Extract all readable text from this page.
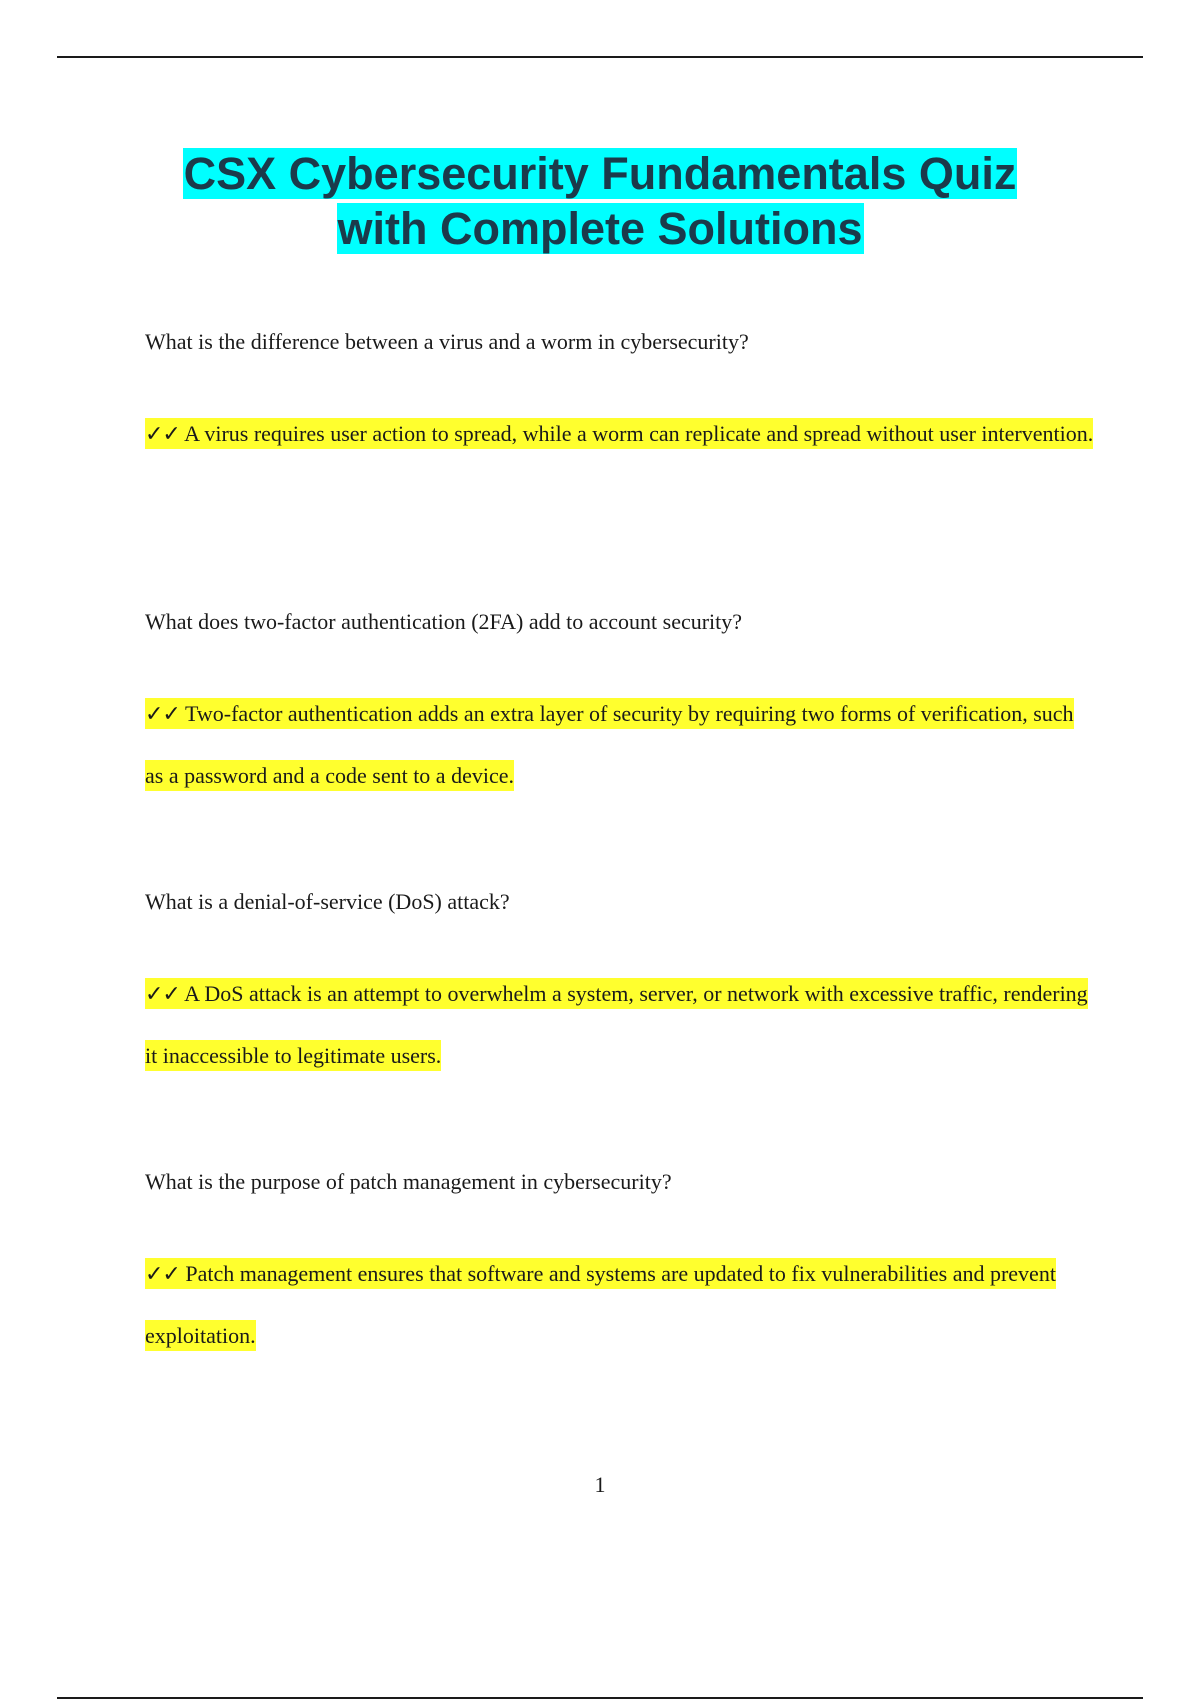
CSX Cybersecurity Fundamentals Quiz
with Complete Solutions

What is the difference between a virus and a worm in cybersecurity?

✓✓ A virus requires user action to spread, while a worm can replicate and spread without user intervention.

What does two-factor authentication (2FA) add to account security?

✓✓ Two-factor authentication adds an extra layer of security by requiring two forms of verification, such as a password and a code sent to a device.

What is a denial-of-service (DoS) attack?

✓✓ A DoS attack is an attempt to overwhelm a system, server, or network with excessive traffic, rendering it inaccessible to legitimate users.

What is the purpose of patch management in cybersecurity?

✓✓ Patch management ensures that software and systems are updated to fix vulnerabilities and prevent exploitation.

1
